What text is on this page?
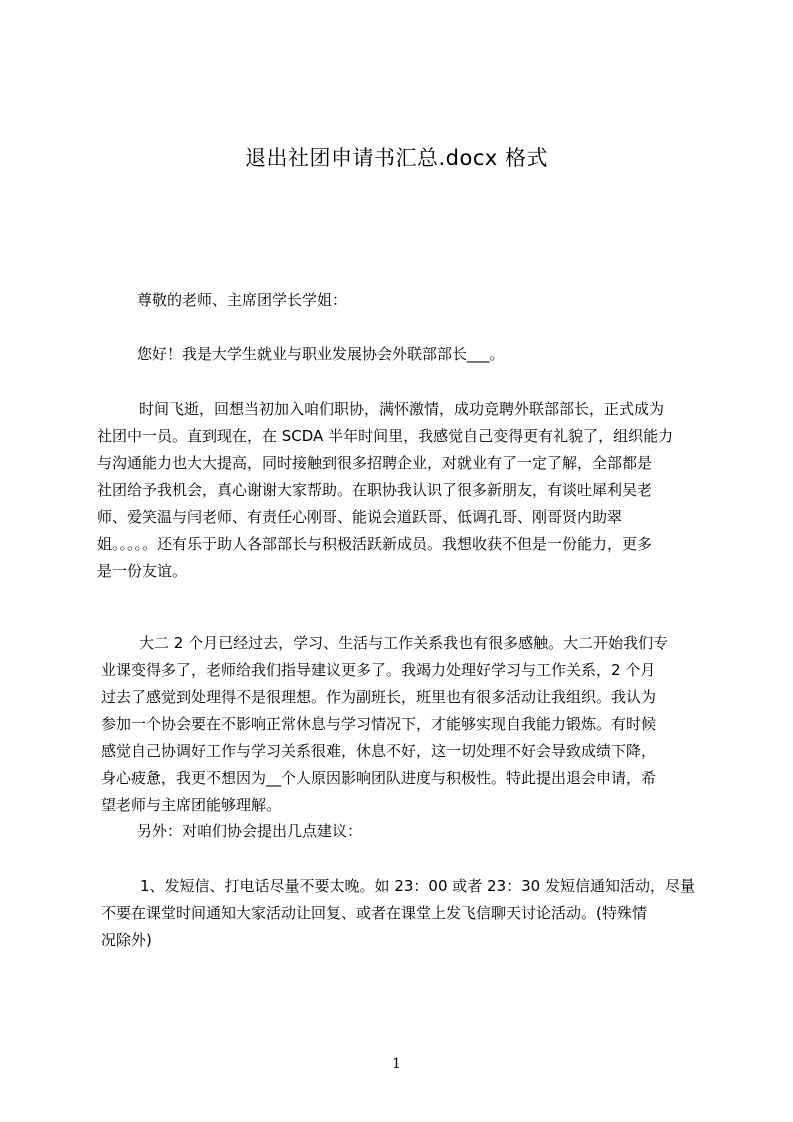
退出社团申请书汇总.docx 格式
尊敬的老师、主席团学长学姐：
您好！我是大学生就业与职业发展协会外联部部长___。
时间飞逝，回想当初加入咱们职协，满怀激情，成功竞聘外联部部长，正式成为
社团中一员。直到现在，在 SCDA 半年时间里，我感觉自己变得更有礼貌了，组织能力
与沟通能力也大大提高，同时接触到很多招聘企业，对就业有了一定了解，全部都是
社团给予我机会，真心谢谢大家帮助。在职协我认识了很多新朋友，有谈吐犀利吴老
师、爱笑温与闫老师、有责任心刚哥、能说会道跃哥、低调孔哥、刚哥贤内助翠
姐。。。。。还有乐于助人各部部长与积极活跃新成员。我想收获不但是一份能力，更多
是一份友谊。
大二 2 个月已经过去，学习、生活与工作关系我也有很多感触。大二开始我们专
业课变得多了，老师给我们指导建议更多了。我竭力处理好学习与工作关系，2 个月
过去了感觉到处理得不是很理想。作为副班长，班里也有很多活动让我组织。我认为
参加一个协会要在不影响正常休息与学习情况下，才能够实现自我能力锻炼。有时候
感觉自己协调好工作与学习关系很难，休息不好，这一切处理不好会导致成绩下降，
身心疲惫，我更不想因为__个人原因影响团队进度与积极性。特此提出退会申请，希
望老师与主席团能够理解。
另外：对咱们协会提出几点建议：
1、发短信、打电话尽量不要太晚。如 23：00 或者 23：30 发短信通知活动，尽量
不要在课堂时间通知大家活动让回复、或者在课堂上发飞信聊天讨论活动。(特殊情
况除外)
1
